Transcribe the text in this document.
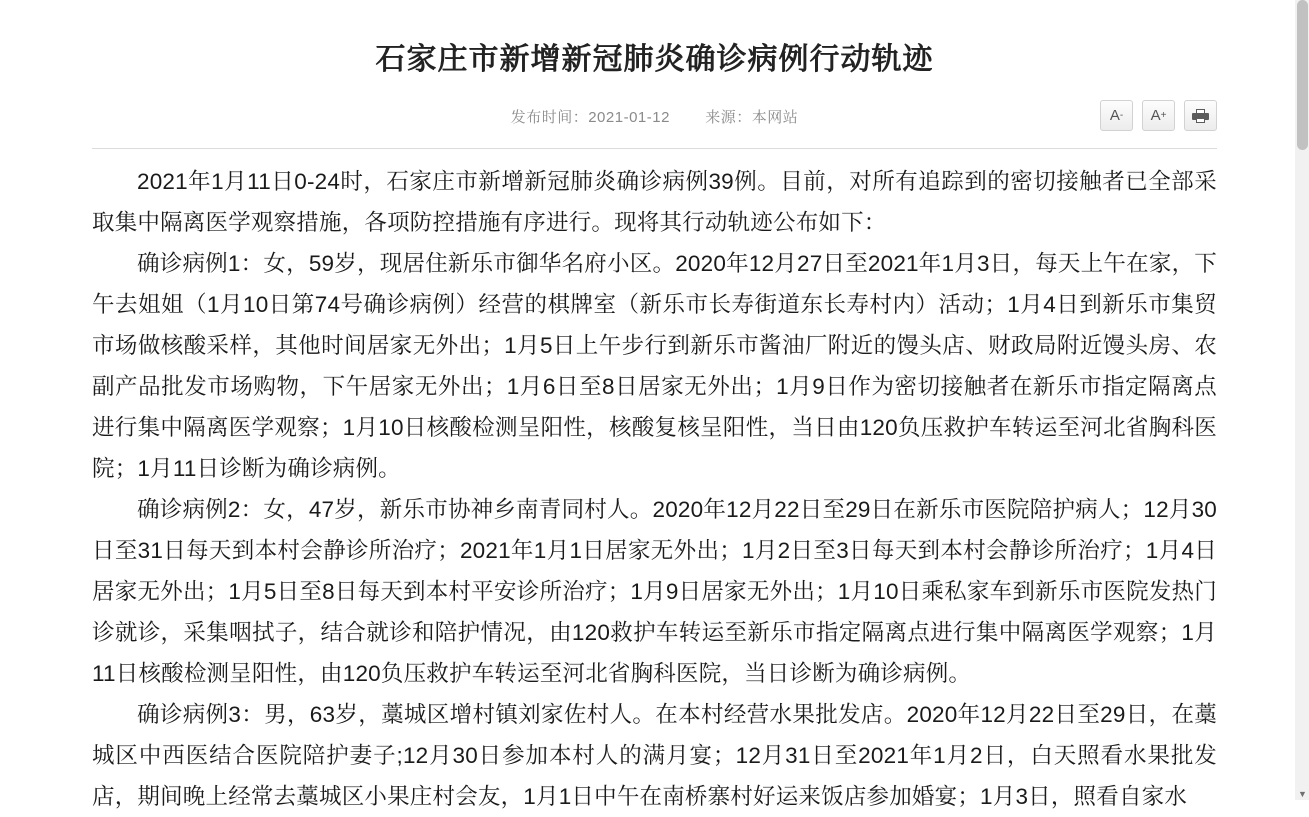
石家庄市新增新冠肺炎确诊病例行动轨迹
发布时间：2021-01-12 来源：本网站	A - A +

2021年1月11日0-24时，石家庄市新增新冠肺炎确诊病例39例。目前，对所有追踪到的密切接触者已全部采取集中隔离医学观察措施，各项防控措施有序进行。现将其行动轨迹公布如下：

确诊病例1：女，59岁，现居住新乐市御华名府小区。2020年12月27日至2021年1月3日，每天上午在家，下午去姐姐（1月10日第74号确诊病例）经营的棋牌室（新乐市长寿街道东长寿村内）活动；1月4日到新乐市集贸市场做核酸采样，其他时间居家无外出；1月5日上午步行到新乐市酱油厂附近的馒头店、财政局附近馒头房、农副产品批发市场购物，下午居家无外出；1月6日至8日居家无外出；1月9日作为密切接触者在新乐市指定隔离点进行集中隔离医学观察；1月10日核酸检测呈阳性，核酸复核呈阳性，当日由120负压救护车转运至河北省胸科医院；1月11日诊断为确诊病例。

确诊病例2：女，47岁，新乐市协神乡南青同村人。2020年12月22日至29日在新乐市医院陪护病人；12月30日至31日每天到本村会静诊所治疗；2021年1月1日居家无外出；1月2日至3日每天到本村会静诊所治疗；1月4日居家无外出；1月5日至8日每天到本村平安诊所治疗；1月9日居家无外出；1月10日乘私家车到新乐市医院发热门诊就诊，采集咽拭子，结合就诊和陪护情况，由120救护车转运至新乐市指定隔离点进行集中隔离医学观察；1月11日核酸检测呈阳性，由120负压救护车转运至河北省胸科医院，当日诊断为确诊病例。

确诊病例3：男，63岁，藁城区增村镇刘家佐村人。在本村经营水果批发店。2020年12月22日至29日，在藁城区中西医结合医院陪护妻子;12月30日参加本村人的满月宴；12月31日至2021年1月2日，白天照看水果批发店，期间晚上经常去藁城区小果庄村会友，1月1日中午在南桥寨村好运来饭店参加婚宴；1月3日，照看自家水	▼
